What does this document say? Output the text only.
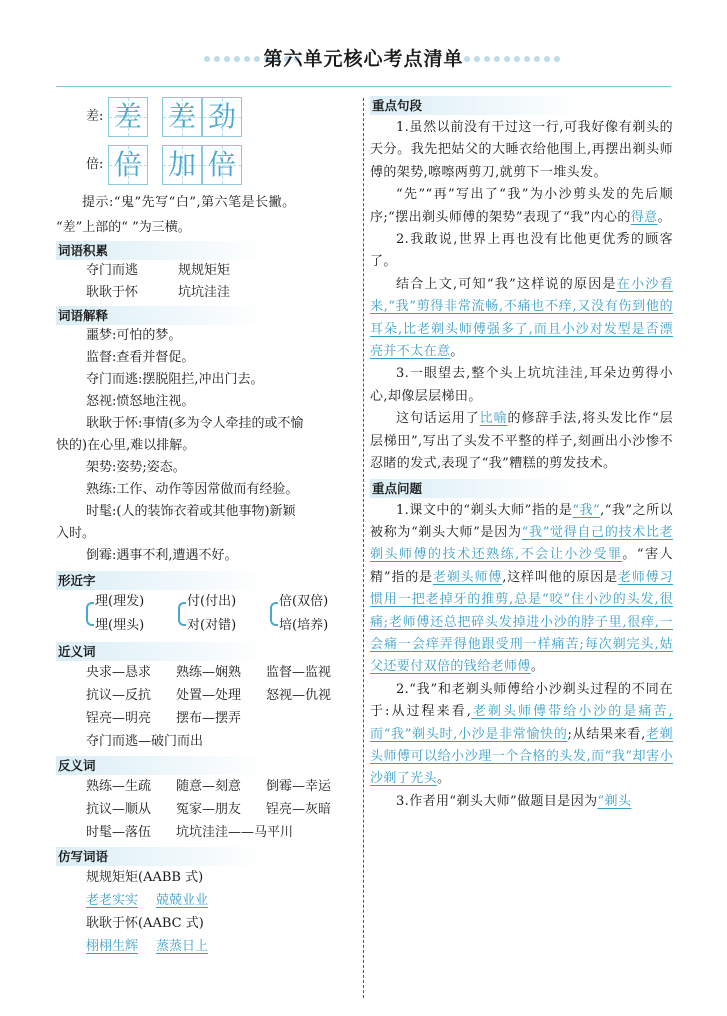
第六单元核心考点清单
差: 差 差 劲
倍: 倍 加 倍
提示:“鬼”先写“白”,第六笔是长撇。
“差”上部的“ ”为三横。
词语积累
夺门而逃	规规矩矩
耿耿于怀	坑坑洼洼
词语解释
噩梦:可怕的梦。
监督:查看并督促。
夺门而逃:摆脱阻拦,冲出门去。
怒视:愤怒地注视。
耿耿于怀:事情(多为令人牵挂的或不愉
快的)在心里,难以排解。
架势:姿势;姿态。
熟练:工作、动作等因常做而有经验。
时髦:(人的装饰衣着或其他事物)新颖
入时。
倒霉:遇事不利,遭遇不好。
形近字
理(理发)	付(付出)	倍(双倍)
埋(埋头)	对(对错)	培(培养)
近义词
央求—恳求	熟练—娴熟	监督—监视
抗议—反抗	处置—处理	怒视—仇视
锃亮—明亮	摆布—摆弄
夺门而逃—破门而出
反义词
熟练—生疏	随意—刻意	倒霉—幸运
抗议—顺从	冤家—朋友	锃亮—灰暗
时髦—落伍	坑坑洼洼——马平川
仿写词语
规规矩矩(AABB 式)
老老实实 兢兢业业
耿耿于怀(AABC 式)
栩栩生辉 蒸蒸日上
重点句段

1.虽然以前没有干过这一行,可我好像有剃头的天分。我先把姑父的大睡衣给他围上,再摆出剃头师傅的架势,嚓嚓两剪刀,就剪下一堆头发。

“先”“再”写出了“我”为小沙剪头发的先后顺序;“摆出剃头师傅的架势”表现了“我”内心的得意。

2.我敢说,世界上再也没有比他更优秀的顾客了。

结合上文,可知“我”这样说的原因是在小沙看来,“我”剪得非常流畅,不痛也不痒,又没有伤到他的耳朵,比老剃头师傅强多了,而且小沙对发型是否漂亮并不太在意。

3.一眼望去,整个头上坑坑洼洼,耳朵边剪得小心,却像层层梯田。

这句话运用了比喻的修辞手法,将头发比作“层层梯田”,写出了头发不平整的样子,刻画出小沙惨不忍睹的发式,表现了“我”糟糕的剪发技术。

重点问题

1.课文中的“剃头大师”指的是“我”,“我”之所以被称为“剃头大师”是因为“我”觉得自己的技术比老剃头师傅的技术还熟练,不会让小沙受罪。“害人精”指的是老剃头师傅,这样叫他的原因是老师傅习惯用一把老掉牙的推剪,总是“咬”住小沙的头发,很痛;老师傅还总把碎头发掉进小沙的脖子里,很痒,一会痛一会痒弄得他跟受刑一样痛苦;每次剃完头,姑父还要付双倍的钱给老师傅。

2.“我”和老剃头师傅给小沙剃头过程的不同在于:从过程来看,老剃头师傅带给小沙的是痛苦,而“我”剃头时,小沙是非常愉快的;从结果来看,老剃头师傅可以给小沙理一个合格的头发,而“我”却害小沙剃了光头。

3.作者用“剃头大师”做题目是因为“剃头
